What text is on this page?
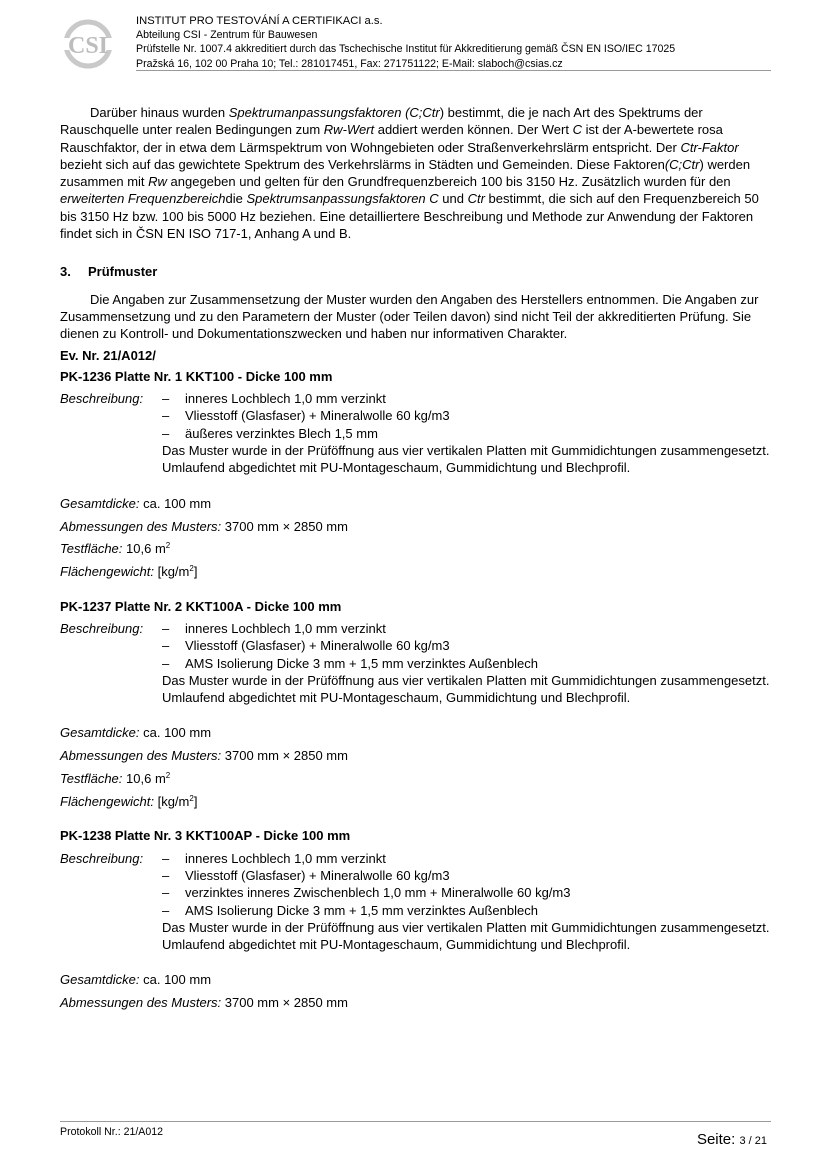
CSI
INSTITUT PRO TESTOVÁNÍ A CERTIFIKACI a.s.
Abteilung CSI - Zentrum für Bauwesen
Prüfstelle Nr. 1007.4 akkreditiert durch das Tschechische Institut für Akkreditierung gemäß ČSN EN ISO/IEC 17025
Pražská 16, 102 00 Praha 10; Tel.: 281017451, Fax: 271751122; E-Mail: slaboch@csias.cz

Darüber hinaus wurden Spektrumanpassungsfaktoren (C;Ctr) bestimmt, die je nach Art des Spektrums der Rauschquelle unter realen Bedingungen zum Rw-Wert addiert werden können. Der Wert C ist der A-bewertete rosa Rauschfaktor, der in etwa dem Lärmspektrum von Wohngebieten oder Straßenverkehrslärm entspricht. Der Ctr-Faktor bezieht sich auf das gewichtete Spektrum des Verkehrslärms in Städten und Gemeinden. Diese Faktoren(C;Ctr) werden zusammen mit Rw angegeben und gelten für den Grundfrequenzbereich 100 bis 3150 Hz. Zusätzlich wurden für den erweiterten Frequenzbereichdie Spektrumsanpassungsfaktoren C und Ctr bestimmt, die sich auf den Frequenzbereich 50 bis 3150 Hz bzw. 100 bis 5000 Hz beziehen. Eine detailliertere Beschreibung und Methode zur Anwendung der Faktoren findet sich in ČSN EN ISO 717-1, Anhang A und B.

3.	Prüfmuster

Die Angaben zur Zusammensetzung der Muster wurden den Angaben des Herstellers entnommen. Die Angaben zur Zusammensetzung und zu den Parametern der Muster (oder Teilen davon) sind nicht Teil der akkreditierten Prüfung. Sie dienen zu Kontroll- und Dokumentationszwecken und haben nur informativen Charakter.

Ev. Nr. 21/A012/
PK-1236 Platte Nr. 1 KKT100 - Dicke 100 mm
Beschreibung:	–	inneres Lochblech 1,0 mm verzinkt
–	Vliesstoff (Glasfaser) + Mineralwolle 60 kg/m3
–	äußeres verzinktes Blech 1,5 mm
Das Muster wurde in der Prüföffnung aus vier vertikalen Platten mit Gummidichtungen zusammengesetzt.
Umlaufend abgedichtet mit PU-Montageschaum, Gummidichtung und Blechprofil.
Gesamtdicke: ca. 100 mm
Abmessungen des Musters: 3700 mm × 2850 mm
Testfläche: 10,6 $m^2$
Flächengewicht: $[kg/m^2]$
PK-1237 Platte Nr. 2 KKT100A - Dicke 100 mm
Beschreibung:	–	inneres Lochblech 1,0 mm verzinkt
–	Vliesstoff (Glasfaser) + Mineralwolle 60 kg/m3
–	AMS Isolierung Dicke 3 mm + 1,5 mm verzinktes Außenblech
Das Muster wurde in der Prüföffnung aus vier vertikalen Platten mit Gummidichtungen zusammengesetzt.
Umlaufend abgedichtet mit PU-Montageschaum, Gummidichtung und Blechprofil.
Gesamtdicke: ca. 100 mm
Abmessungen des Musters: 3700 mm × 2850 mm
Testfläche: 10,6 $m^2$
Flächengewicht: $[kg/m^2]$
PK-1238 Platte Nr. 3 KKT100AP - Dicke 100 mm
Beschreibung:	–	inneres Lochblech 1,0 mm verzinkt
–	Vliesstoff (Glasfaser) + Mineralwolle 60 kg/m3
–	verzinktes inneres Zwischenblech 1,0 mm + Mineralwolle 60 kg/m3
–	AMS Isolierung Dicke 3 mm + 1,5 mm verzinktes Außenblech
Das Muster wurde in der Prüföffnung aus vier vertikalen Platten mit Gummidichtungen zusammengesetzt.
Umlaufend abgedichtet mit PU-Montageschaum, Gummidichtung und Blechprofil.
Gesamtdicke: ca. 100 mm
Abmessungen des Musters: 3700 mm × 2850 mm
Protokoll Nr.: 21/A012	Seite: 3 / 21
